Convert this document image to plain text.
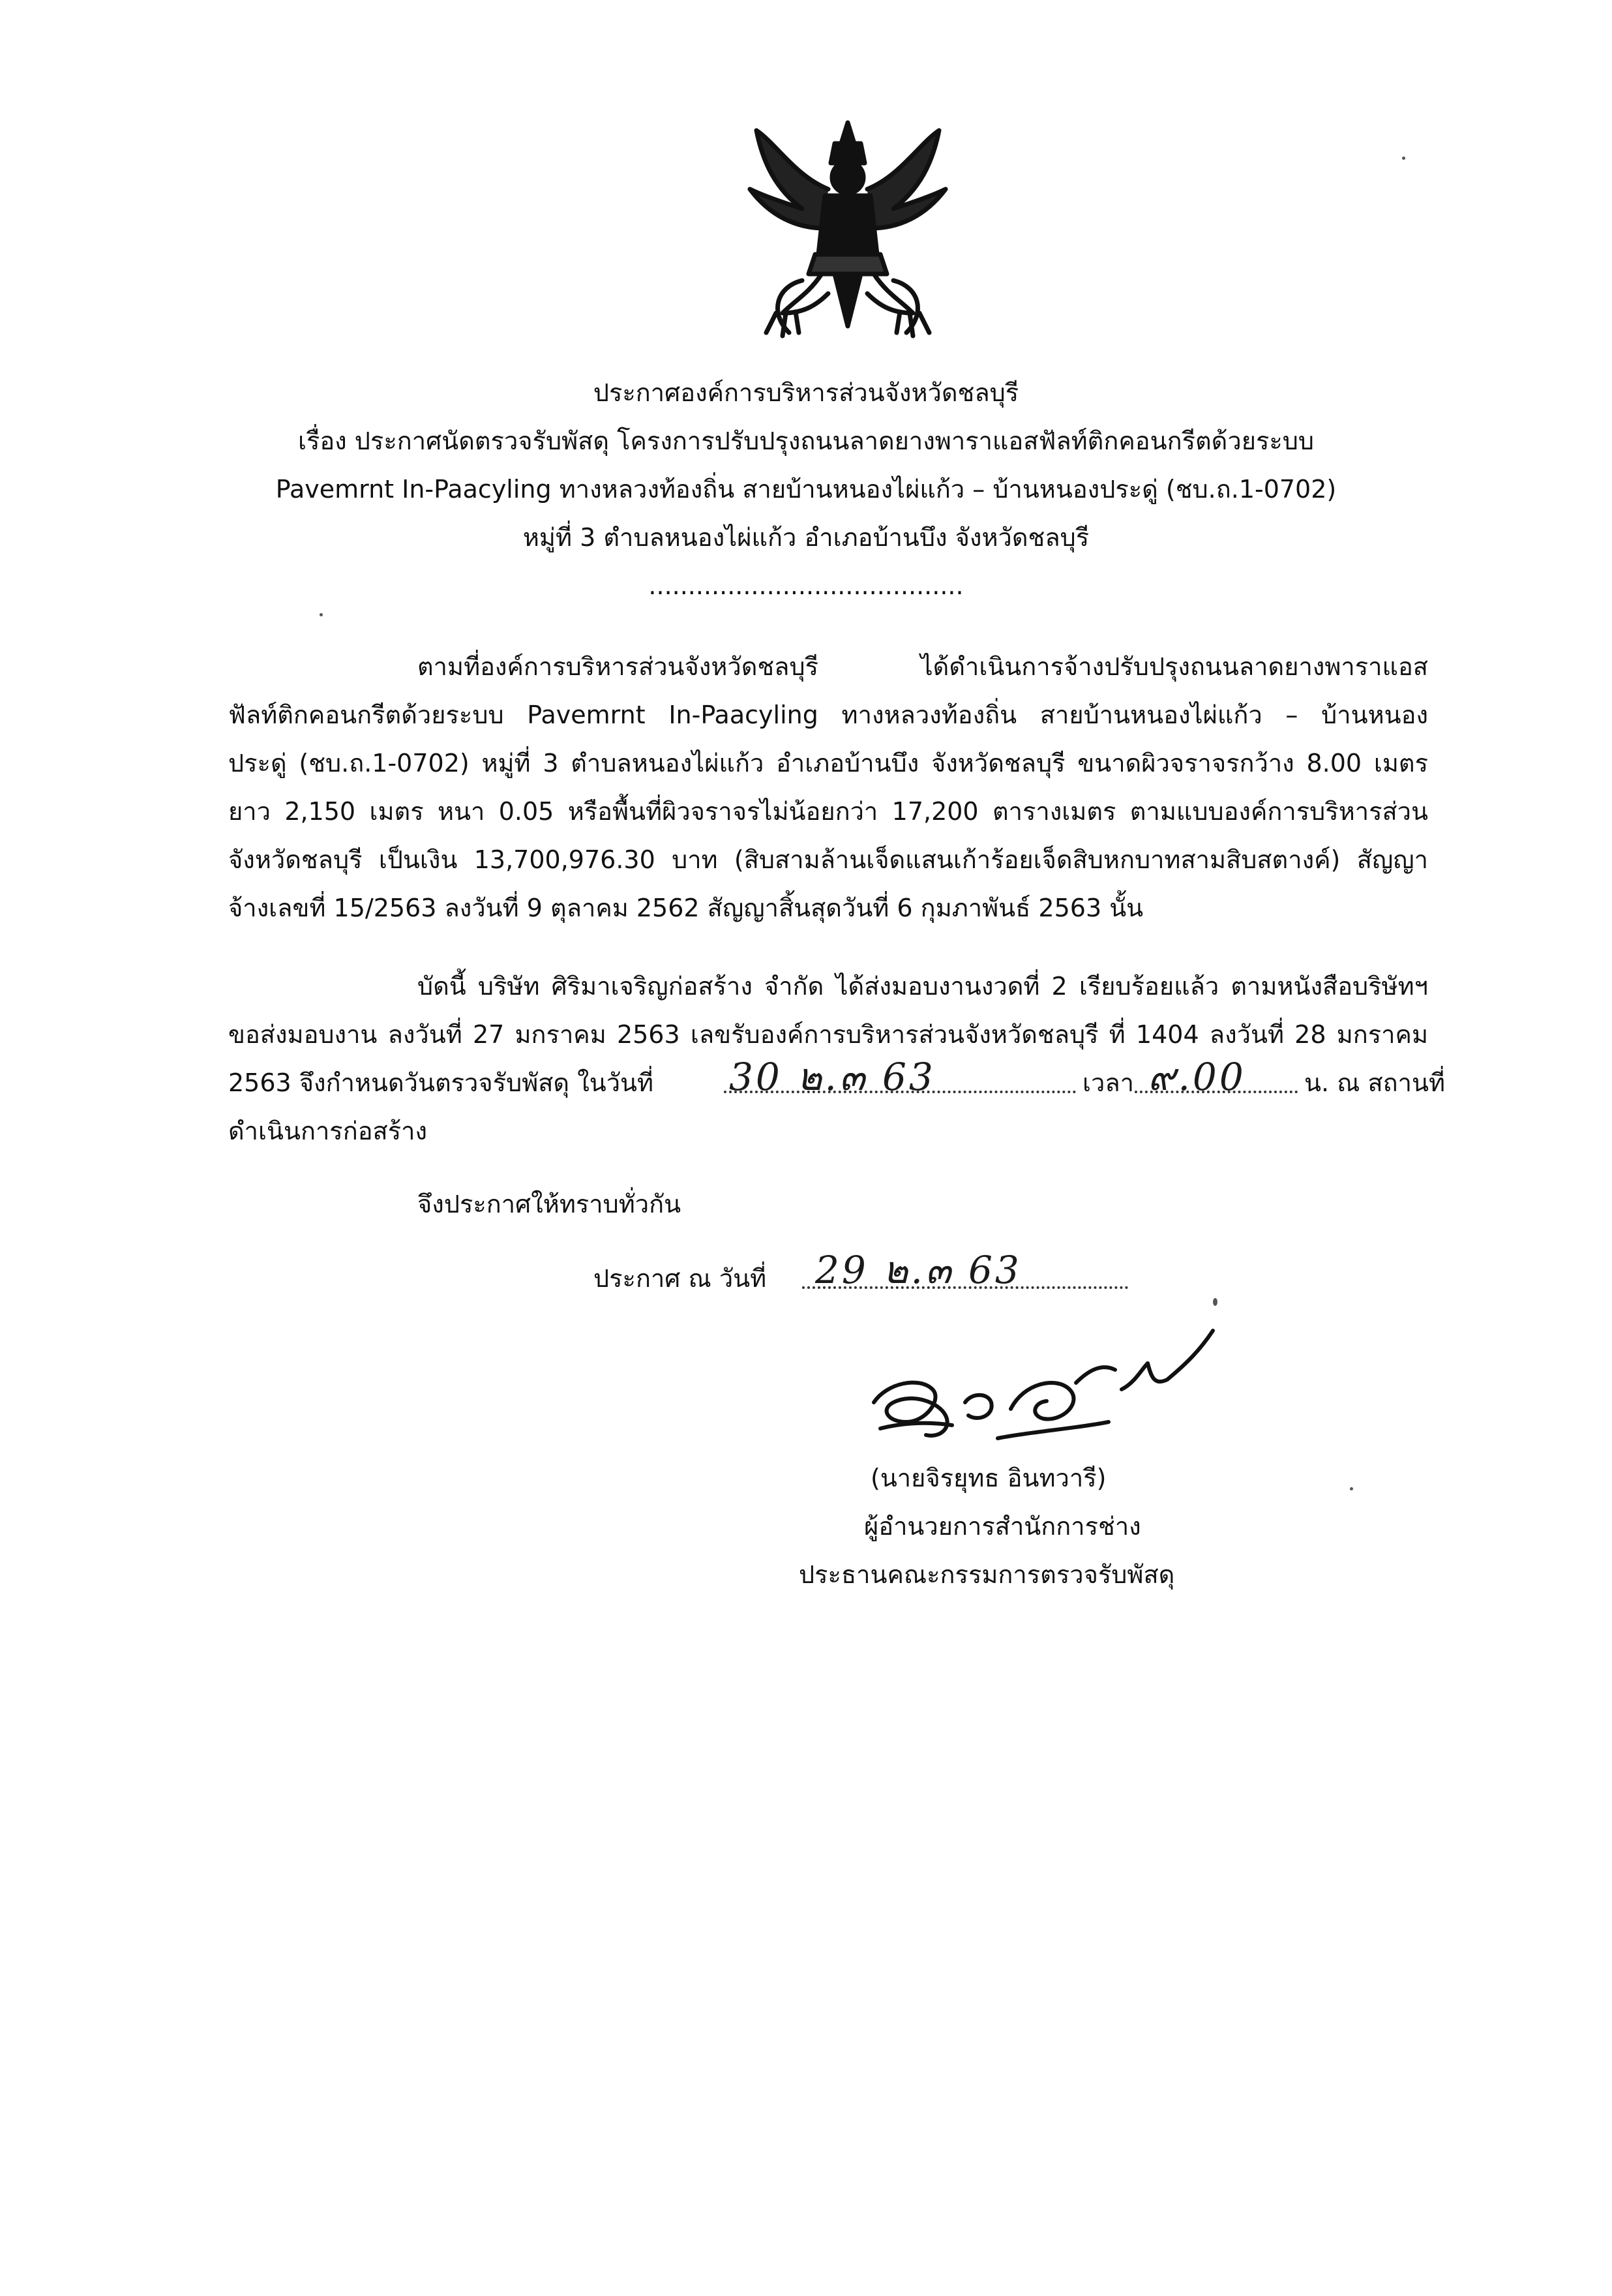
ประกาศองค์การบริหารส่วนจังหวัดชลบุรี
เรื่อง ประกาศนัดตรวจรับพัสดุ โครงการปรับปรุงถนนลาดยางพาราแอสฟัลท์ติกคอนกรีตด้วยระบบ
Pavemrnt In-Paacyling ทางหลวงท้องถิ่น สายบ้านหนองไผ่แก้ว – บ้านหนองประดู่ (ชบ.ถ.1-0702)
หมู่ที่ 3 ตำบลหนองไผ่แก้ว อำเภอบ้านบึง จังหวัดชลบุรี
........................................
ตามที่องค์การบริหารส่วนจังหวัดชลบุรี ได้ดำเนินการจ้างปรับปรุงถนนลาดยางพาราแอส
ฟัลท์ติกคอนกรีตด้วยระบบ Pavemrnt In-Paacyling ทางหลวงท้องถิ่น สายบ้านหนองไผ่แก้ว – บ้านหนอง
ประดู่ (ชบ.ถ.1-0702) หมู่ที่ 3 ตำบลหนองไผ่แก้ว อำเภอบ้านบึง จังหวัดชลบุรี ขนาดผิวจราจรกว้าง 8.00 เมตร
ยาว 2,150 เมตร หนา 0.05 หรือพื้นที่ผิวจราจรไม่น้อยกว่า 17,200 ตารางเมตร ตามแบบองค์การบริหารส่วน
จังหวัดชลบุรี เป็นเงิน 13,700,976.30 บาท (สิบสามล้านเจ็ดแสนเก้าร้อยเจ็ดสิบหกบาทสามสิบสตางค์) สัญญา
จ้างเลขที่ 15/2563 ลงวันที่ 9 ตุลาคม 2562 สัญญาสิ้นสุดวันที่ 6 กุมภาพันธ์ 2563 นั้น
บัดนี้ บริษัท ศิริมาเจริญก่อสร้าง จำกัด ได้ส่งมอบงานงวดที่ 2 เรียบร้อยแล้ว ตามหนังสือบริษัทฯ
ขอส่งมอบงาน ลงวันที่ 27 มกราคม 2563 เลขรับองค์การบริหารส่วนจังหวัดชลบุรี ที่ 1404 ลงวันที่ 28 มกราคม
2563 จึงกำหนดวันตรวจรับพัสดุ ในวันที่ 30 ๒.๓ 63	เวลา ๙.00 น. ณ สถานที่
ดำเนินการก่อสร้าง
จึงประกาศให้ทราบทั่วกัน
ประกาศ ณ วันที่ 29 ๒.๓ 63
(นายจิรยุทธ อินทวารี)
ผู้อำนวยการสำนักการช่าง
ประธานคณะกรรมการตรวจรับพัสดุ
